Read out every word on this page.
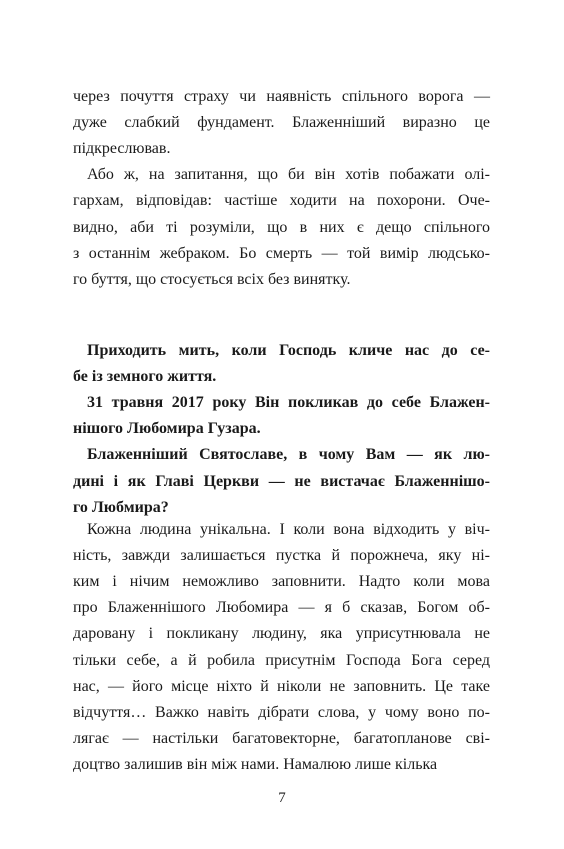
через почуття страху чи наявність спільного ворога —
дуже слабкий фундамент. Блаженніший виразно це
підкреслював.
Або ж, на запитання, що би він хотів побажати олі-
гархам, відповідав: частіше ходити на похорони. Оче-
видно, аби ті розуміли, що в них є дещо спільного
з останнім жебраком. Бо смерть — той вимір людсько-
го буття, що стосується всіх без винятку.
Приходить мить, коли Господь кличе нас до се-
бе із земного життя.
31 травня 2017 року Він покликав до себе Блажен-
нішого Любомира Гузара.
Блаженніший Святославе, в чому Вам — як лю-
дині і як Главі Церкви — не вистачає Блаженнішо-
го Любмира?
Кожна людина унікальна. І коли вона відходить у віч-
ність, завжди залишається пустка й порожнеча, яку ні-
ким і нічим неможливо заповнити. Надто коли мова
про Блаженнішого Любомира — я б сказав, Богом об-
даровану і покликану людину, яка уприсутнювала не
тільки себе, а й робила присутнім Господа Бога серед
нас, — його місце ніхто й ніколи не заповнить. Це таке
відчуття… Важко навіть дібрати слова, у чому воно по-
лягає — настільки багатовекторне, багатопланове свi-
доцтво залишив він між нами. Намалюю лише кілька
7
